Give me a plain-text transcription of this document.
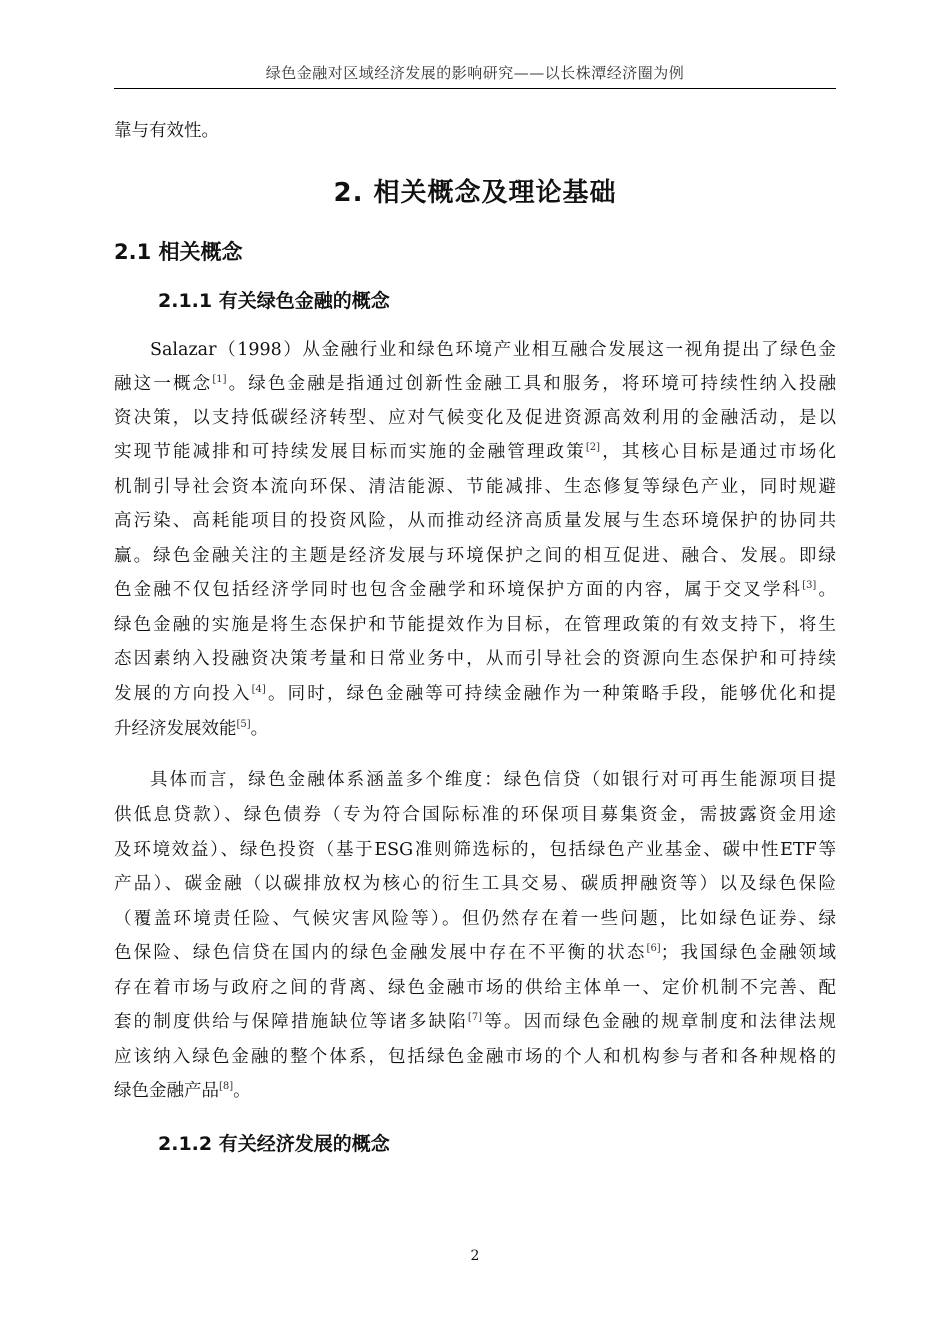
绿色金融对区域经济发展的影响研究——以长株潭经济圈为例
靠与有效性。
2. 相关概念及理论基础
2.1 相关概念
2.1.1 有关绿色金融的概念
Salazar（1998）从金融行业和绿色环境产业相互融合发展这一视角提出了绿色金
融这一概念[1]。绿色金融是指通过创新性金融工具和服务，将环境可持续性纳入投融
资决策，以支持低碳经济转型、应对气候变化及促进资源高效利用的金融活动，是以
实现节能减排和可持续发展目标而实施的金融管理政策[2]，其核心目标是通过市场化
机制引导社会资本流向环保、清洁能源、节能减排、生态修复等绿色产业，同时规避
高污染、高耗能项目的投资风险，从而推动经济高质量发展与生态环境保护的协同共
赢。绿色金融关注的主题是经济发展与环境保护之间的相互促进、融合、发展。即绿
色金融不仅包括经济学同时也包含金融学和环境保护方面的内容，属于交叉学科[3]。
绿色金融的实施是将生态保护和节能提效作为目标，在管理政策的有效支持下，将生
态因素纳入投融资决策考量和日常业务中，从而引导社会的资源向生态保护和可持续
发展的方向投入[4]。同时，绿色金融等可持续金融作为一种策略手段，能够优化和提
升经济发展效能[5]。
具体而言，绿色金融体系涵盖多个维度：绿色信贷（如银行对可再生能源项目提
供低息贷款）、绿色债券（专为符合国际标准的环保项目募集资金，需披露资金用途
及环境效益）、绿色投资（基于ESG准则筛选标的，包括绿色产业基金、碳中性ETF等
产品）、碳金融（以碳排放权为核心的衍生工具交易、碳质押融资等）以及绿色保险
（覆盖环境责任险、气候灾害风险等）。但仍然存在着一些问题，比如绿色证券、绿
色保险、绿色信贷在国内的绿色金融发展中存在不平衡的状态[6]；我国绿色金融领域
存在着市场与政府之间的背离、绿色金融市场的供给主体单一、定价机制不完善、配
套的制度供给与保障措施缺位等诸多缺陷[7]等。因而绿色金融的规章制度和法律法规
应该纳入绿色金融的整个体系，包括绿色金融市场的个人和机构参与者和各种规格的
绿色金融产品[8]。
2.1.2 有关经济发展的概念
2
